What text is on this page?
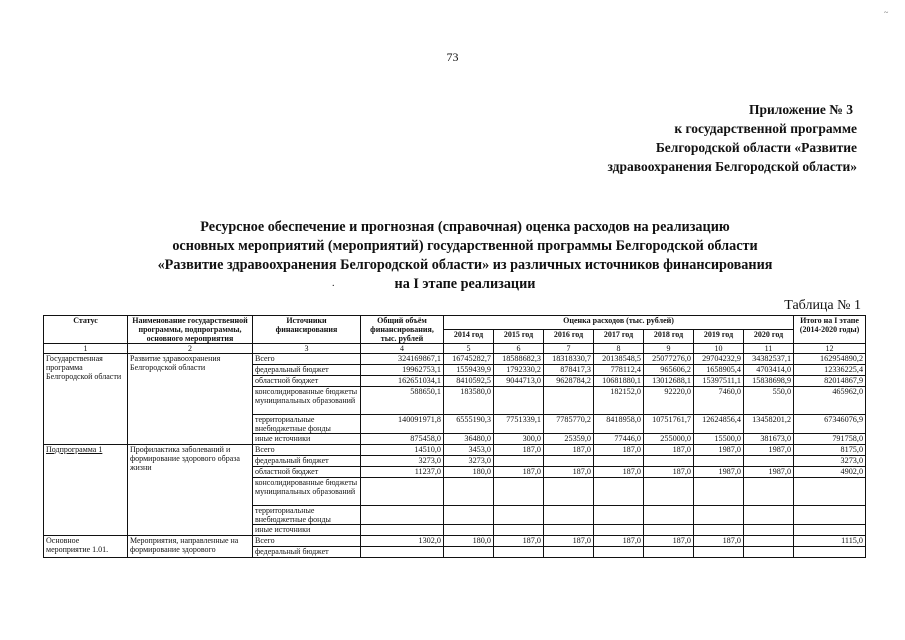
~
73
Приложение № 3
к государственной программе
Белгородской области «Развитие
здравоохранения Белгородской области»
Ресурсное обеспечение и прогнозная (справочная) оценка расходов на реализацию
основных мероприятий (мероприятий) государственной программы Белгородской области
«Развитие здравоохранения Белгородской области» из различных источников финансирования
на I этапе реализации
.
Таблица № 1
Статус	Наименование государственной программы, подпрограммы, основного мероприятия	Источники финансирования	Общий объём финансирования, тыс. рублей	Оценка расходов (тыс. рублей)							Итого на I этапе (2014-2020 годы)
				2014 год	2015 год	2016 год	2017 год	2018 год	2019 год	2020 год	
1	2	3	4	5	6	7	8	9	10	11	12
Государственная программа Белгородской области	Развитие здравоохранения Белгородской области	Всего	324169867,1	16745282,7	18588682,3	18318330,7	20138548,5	25077276,0	29704232,9	34382537,1	162954890,2
		федеральный бюджет	19962753,1	1559439,9	1792330,2	878417,3	778112,4	965606,2	1658905,4	4703414,0	12336225,4
		областной бюджет	162651034,1	8410592,5	9044713,0	9628784,2	10681880,1	13012688,1	15397511,1	15838698,9	82014867,9
		консолидированные бюджеты муниципальных образований	588650,1	183580,0			182152,0	92220,0	7460,0	550,0	465962,0
		территориальные внебюджетные фонды	140091971,8	6555190,3	7751339,1	7785770,2	8418958,0	10751761,7	12624856,4	13458201,2	67346076,9
		иные источники	875458,0	36480,0	300,0	25359,0	77446,0	255000,0	15500,0	381673,0	791758,0
Подпрограмма 1	Профилактика заболеваний и формирование здорового образа жизни	Всего	14510,0	3453,0	187,0	187,0	187,0	187,0	1987,0	1987,0	8175,0
		федеральный бюджет	3273,0	3273,0							3273,0
		областной бюджет	11237,0	180,0	187,0	187,0	187,0	187,0	1987,0	1987,0	4902,0
		консолидированные бюджеты муниципальных образований									
		территориальные внебюджетные фонды									
		иные источники									
Основное мероприятие 1.01.	Мероприятия, направленные на формирование здорового	Всего	1302,0	180,0	187,0	187,0	187,0	187,0	187,0		1115,0
		федеральный бюджет									
